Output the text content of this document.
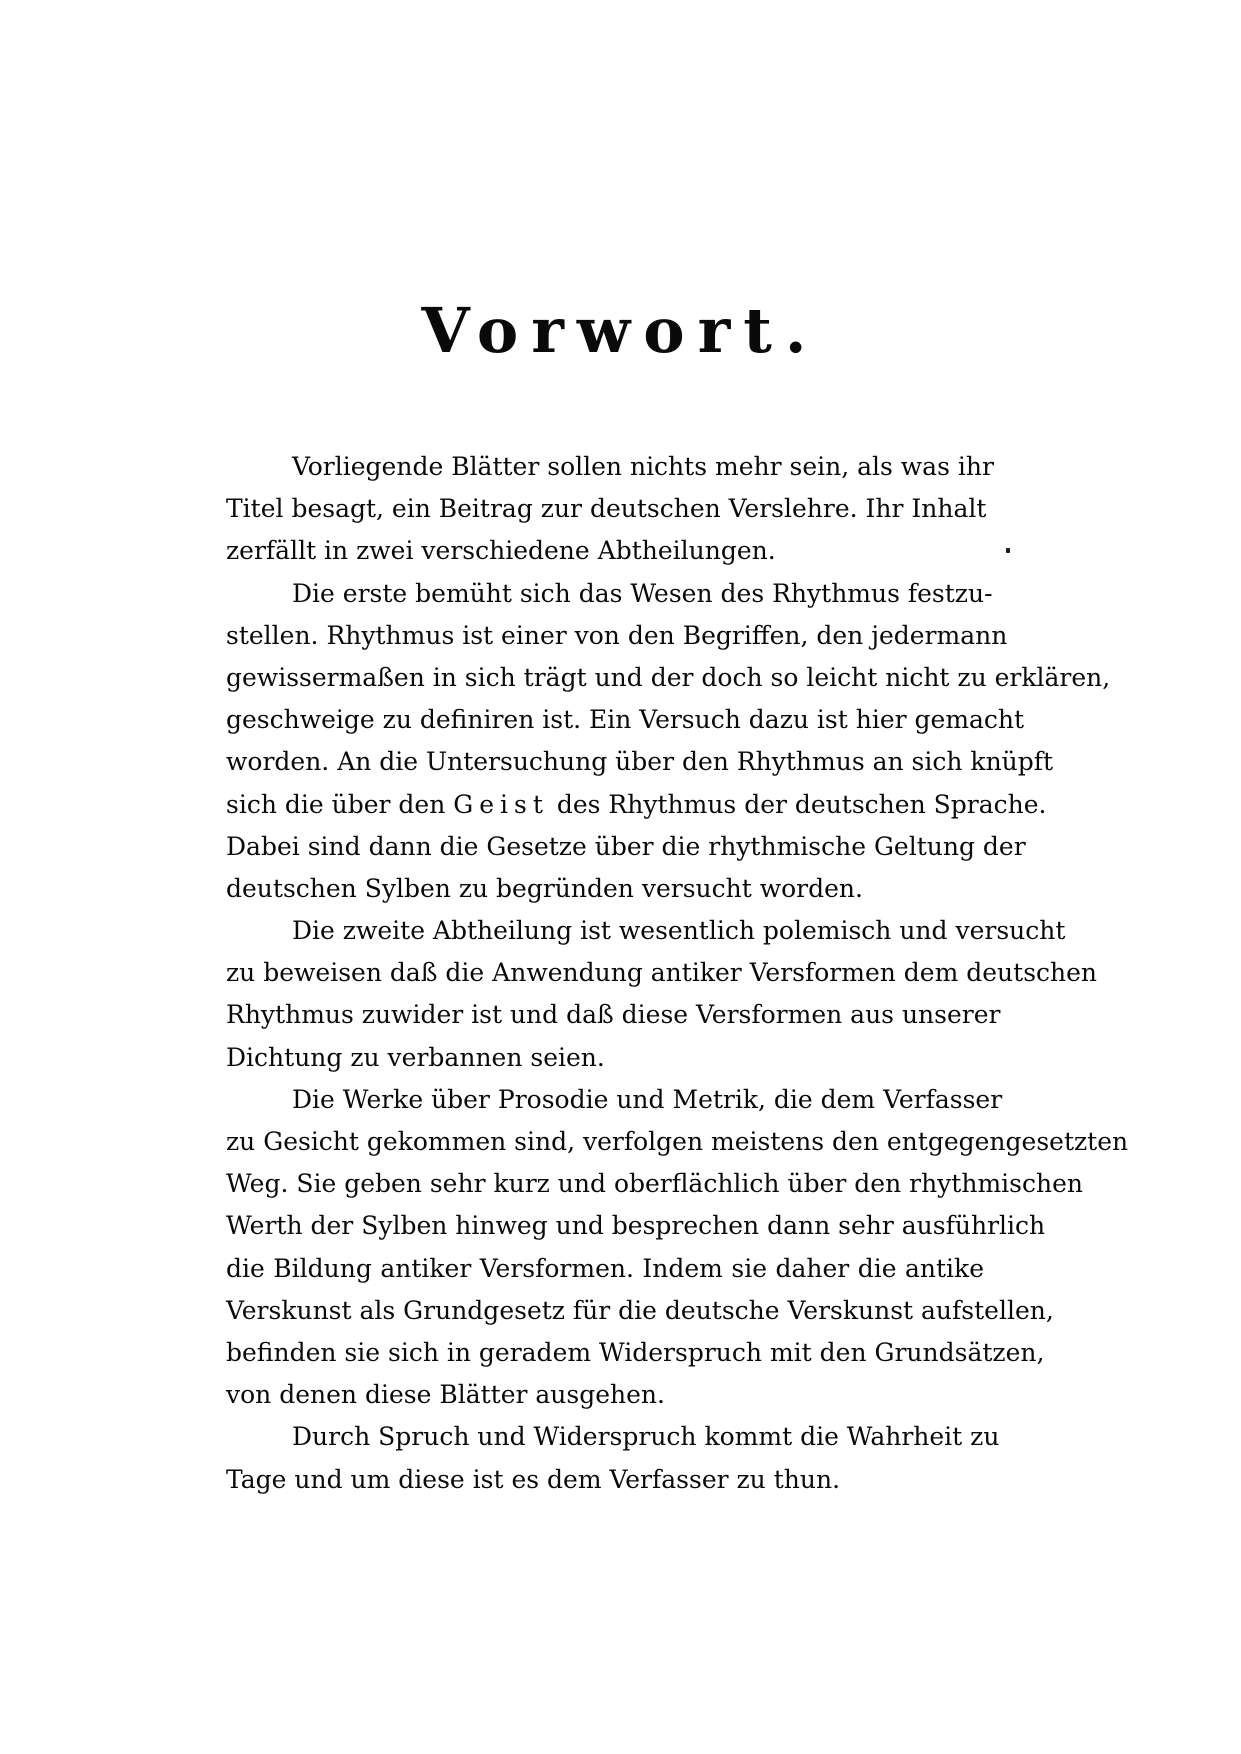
Vorwort.

Vorliegende Blätter sollen nichts mehr sein, als was ihr
Titel besagt, ein Beitrag zur deutschen Verslehre. Ihr Inhalt
zerfällt in zwei verschiedene Abtheilungen.

Die erste bemüht sich das Wesen des Rhythmus festzu-
stellen. Rhythmus ist einer von den Begriffen, den jedermann
gewissermaßen in sich trägt und der doch so leicht nicht zu erklären,
geschweige zu definiren ist. Ein Versuch dazu ist hier gemacht
worden. An die Untersuchung über den Rhythmus an sich knüpft
sich die über den Geist des Rhythmus der deutschen Sprache.
Dabei sind dann die Gesetze über die rhythmische Geltung der
deutschen Sylben zu begründen versucht worden.

Die zweite Abtheilung ist wesentlich polemisch und versucht
zu beweisen daß die Anwendung antiker Versformen dem deutschen
Rhythmus zuwider ist und daß diese Versformen aus unserer
Dichtung zu verbannen seien.

Die Werke über Prosodie und Metrik, die dem Verfasser
zu Gesicht gekommen sind, verfolgen meistens den entgegengesetzten
Weg. Sie geben sehr kurz und oberflächlich über den rhythmischen
Werth der Sylben hinweg und besprechen dann sehr ausführlich
die Bildung antiker Versformen. Indem sie daher die antike
Verskunst als Grundgesetz für die deutsche Verskunst aufstellen,
befinden sie sich in geradem Widerspruch mit den Grundsätzen,
von denen diese Blätter ausgehen.

Durch Spruch und Widerspruch kommt die Wahrheit zu
Tage und um diese ist es dem Verfasser zu thun.
